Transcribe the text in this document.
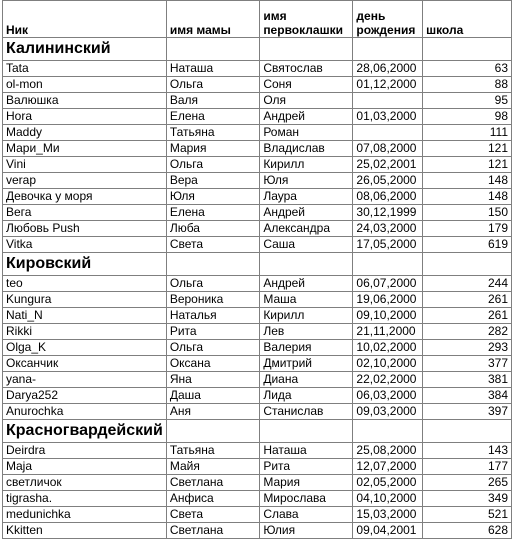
Ник	имя мамы	имя первоклашки	день рождения	школа
Калининский				
Tata	Наташа	Святослав	28,06,2000	63
ol-mon	Ольга	Соня	01,12,2000	88
Валюшка	Валя	Оля		95
Hora	Елена	Андрей	01,03,2000	98
Maddy	Татьяна	Роман		111
Мари_Ми	Мария	Владислав	07,08,2000	121
Vini	Ольга	Кирилл	25,02,2001	121
verap	Вера	Юля	26,05,2000	148
Девочка у моря	Юля	Лаура	08,06,2000	148
Вега	Елена	Андрей	30,12,1999	150
Любовь Push	Люба	Александра	24,03,2000	179
Vitka	Света	Саша	17,05,2000	619
Кировский				
teo	Ольга	Андрей	06,07,2000	244
Kungura	Вероника	Маша	19,06,2000	261
Nati_N	Наталья	Кирилл	09,10,2000	261
Rikki	Рита	Лев	21,11,2000	282
Olga_K	Ольга	Валерия	10,02,2000	293
Оксанчик	Оксана	Дмитрий	02,10,2000	377
yana-	Яна	Диана	22,02,2000	381
Darya252	Даша	Лида	06,03,2000	384
Anurochka	Аня	Станислав	09,03,2000	397
Красногвардейский				
Deirdra	Татьяна	Наташа	25,08,2000	143
Maja	Майя	Рита	12,07,2000	177
светличок	Светлана	Мария	02,05,2000	265
tigrasha.	Анфиса	Мирослава	04,10,2000	349
medunichka	Света	Слава	15,03,2000	521
Kkitten	Светлана	Юлия	09,04,2001	628
